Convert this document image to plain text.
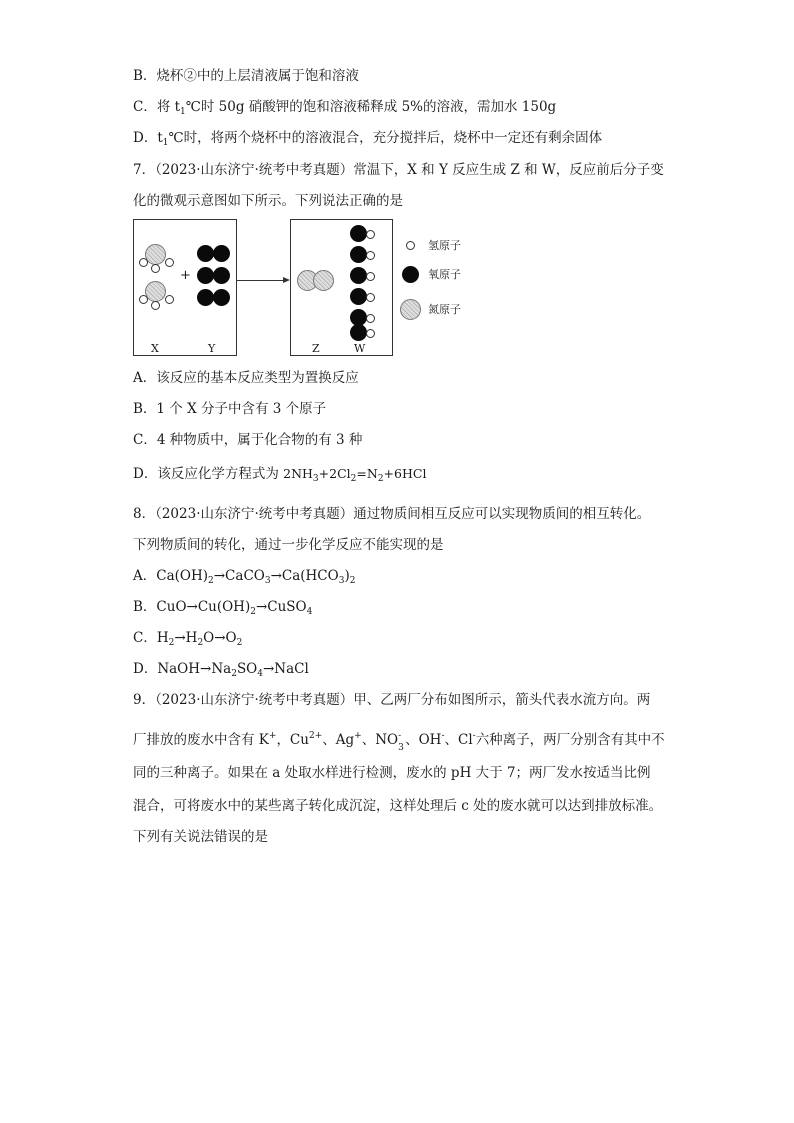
B．烧杯②中的上层清液属于饱和溶液
C．将 $t_1℃$时 50g 硝酸钾的饱和溶液稀释成 5%的溶液，需加水 150g
D．$t_1℃$时，将两个烧杯中的溶液混合，充分搅拌后，烧杯中一定还有剩余固体
7．（2023·山东济宁·统考中考真题）常温下，X 和 Y 反应生成 Z 和 W，反应前后分子变
化的微观示意图如下所示。下列说法正确的是
+
X	Y	Z	W
氢原子
氧原子
氮原子
A．该反应的基本反应类型为置换反应
B．1 个 X 分子中含有 3 个原子
C．4 种物质中，属于化合物的有 3 种
D．该反应化学方程式为 $2NH_3+2Cl_2=N_2+6HCl$
8．（2023·山东济宁·统考中考真题）通过物质间相互反应可以实现物质间的相互转化。
下列物质间的转化，通过一步化学反应不能实现的是
A．$Ca(OH)_2\to CaCO_3\to Ca(HCO_3)_2$
B．$CuO\to Cu(OH)_2\to CuSO_4$
C．$H_2\to H_2O\to O_2$
D．$NaOH\to Na_2SO_4\to NaCl$
9．（2023·山东济宁·统考中考真题）甲、乙两厂分布如图所示，箭头代表水流方向。两
厂排放的废水中含有 K+，$Cu^{2+}$、Ag+、NO -
3 、OH-、Cl-六种离子，两厂分别含有其中不
同的三种离子。如果在 a 处取水样进行检测，废水的 pH 大于 7；两厂发水按适当比例
混合，可将废水中的某些离子转化成沉淀，这样处理后 c 处的废水就可以达到排放标准。
下列有关说法错误的是
